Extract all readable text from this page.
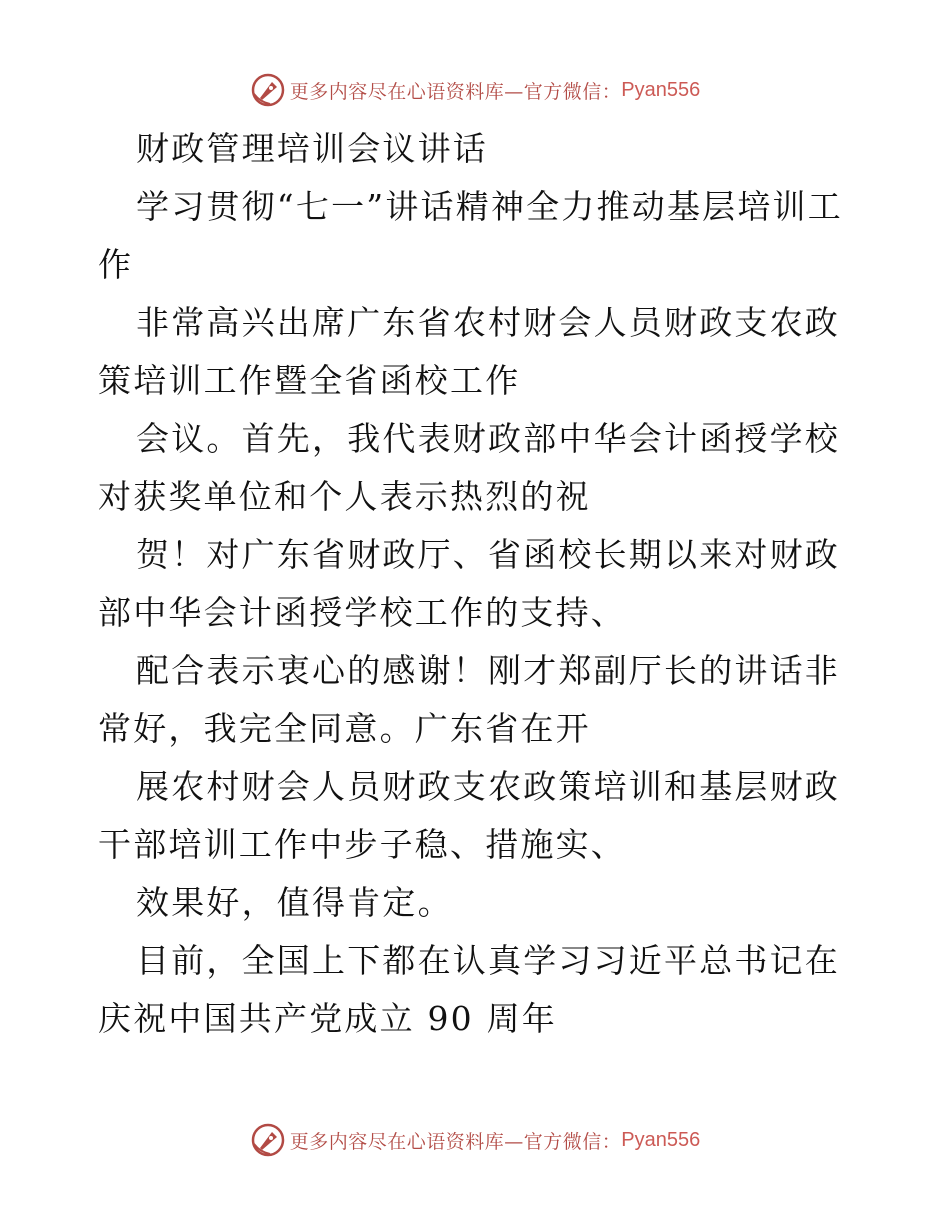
更多内容尽在心语资料库—官方微信： Pyan556

财政管理培训会议讲话

学习贯彻“七一”讲话精神全力推动基层培训工作

非常高兴出席广东省农村财会人员财政支农政策培训工作暨全省函校工作

会议。首先，我代表财政部中华会计函授学校对获奖单位和个人表示热烈的祝

贺！对广东省财政厅、省函校长期以来对财政部中华会计函授学校工作的支持、

配合表示衷心的感谢！刚才郑副厅长的讲话非常好，我完全同意。广东省在开

展农村财会人员财政支农政策培训和基层财政干部培训工作中步子稳、措施实、

效果好，值得肯定。

目前，全国上下都在认真学习习近平总书记在庆祝中国共产党成立 90 周年

更多内容尽在心语资料库—官方微信： Pyan556
